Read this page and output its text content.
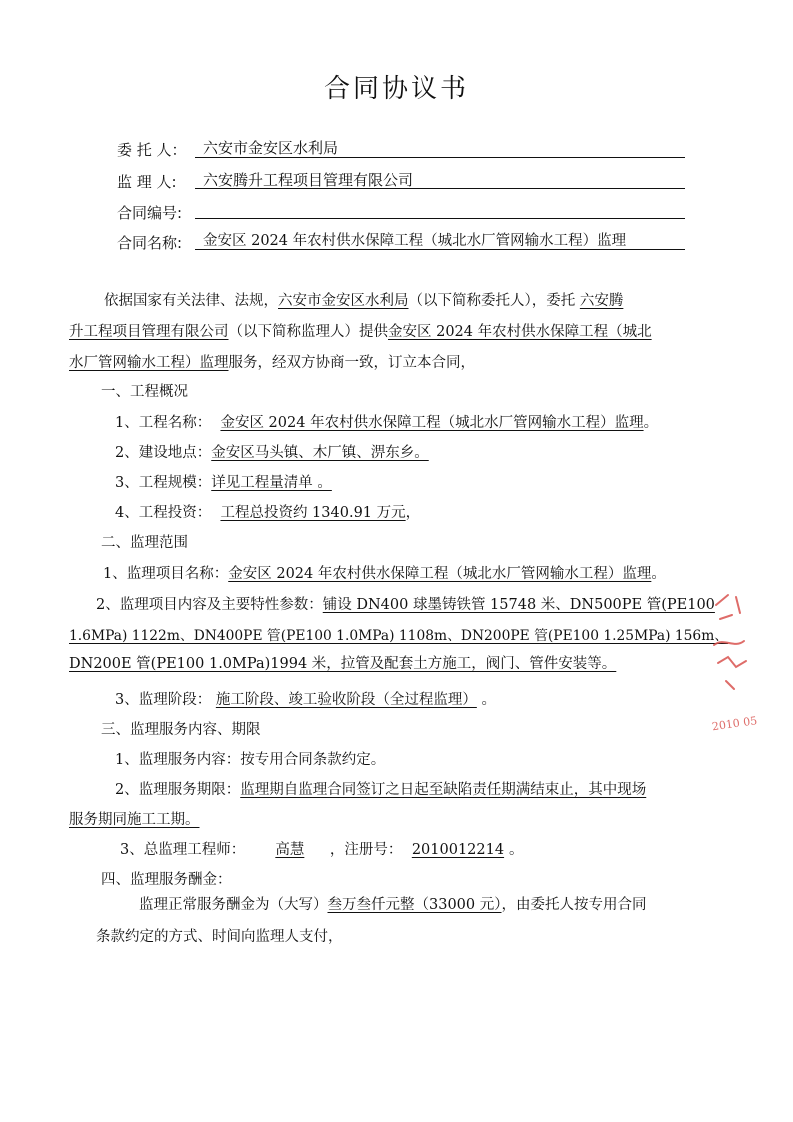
合同协议书
委 托 人： 六安市金安区水利局
监 理 人: 六安腾升工程项目管理有限公司
合同编号:
合同名称: 金安区 2024 年农村供水保障工程（城北水厂管网输水工程）监理
依据国家有关法律、法规，六安市金安区水利局（以下简称委托人），委托 六安腾
升工程项目管理有限公司（以下简称监理人）提供金安区 2024 年农村供水保障工程（城北
水厂管网输水工程）监理服务，经双方协商一致，订立本合同，
一、工程概况
1、工程名称： 金安区 2024 年农村供水保障工程（城北水厂管网输水工程）监理。
2、建设地点：金安区马头镇、木厂镇、淠东乡。
3、工程规模：详见工程量清单 。
4、工程投资： 工程总投资约 1340.91 万元，
二、监理范围
1、监理项目名称：金安区 2024 年农村供水保障工程（城北水厂管网输水工程）监理。
2、监理项目内容及主要特性参数：铺设 DN400 球墨铸铁管 15748 米、DN500PE 管(PE100
1.6MPa) 1122m、DN400PE 管(PE100 1.0MPa) 1108m、DN200PE 管(PE100 1.25MPa) 156m、
DN200E 管(PE100 1.0MPa)1994 米，拉管及配套土方施工，阀门、管件安装等。
3、监理阶段： 施工阶段、竣工验收阶段（全过程监理） 。
三、监理服务内容、期限
1、监理服务内容：按专用合同条款约定。
2、监理服务期限：监理期自监理合同签订之日起至缺陷责任期满结束止，其中现场
服务期同施工工期。
3、总监理工程师： 高慧 ，注册号： 2010012214 。
四、监理服务酬金：
监理正常服务酬金为（大写）叁万叁仟元整（33000 元），由委托人按专用合同
条款约定的方式、时间向监理人支付，
2010 05
